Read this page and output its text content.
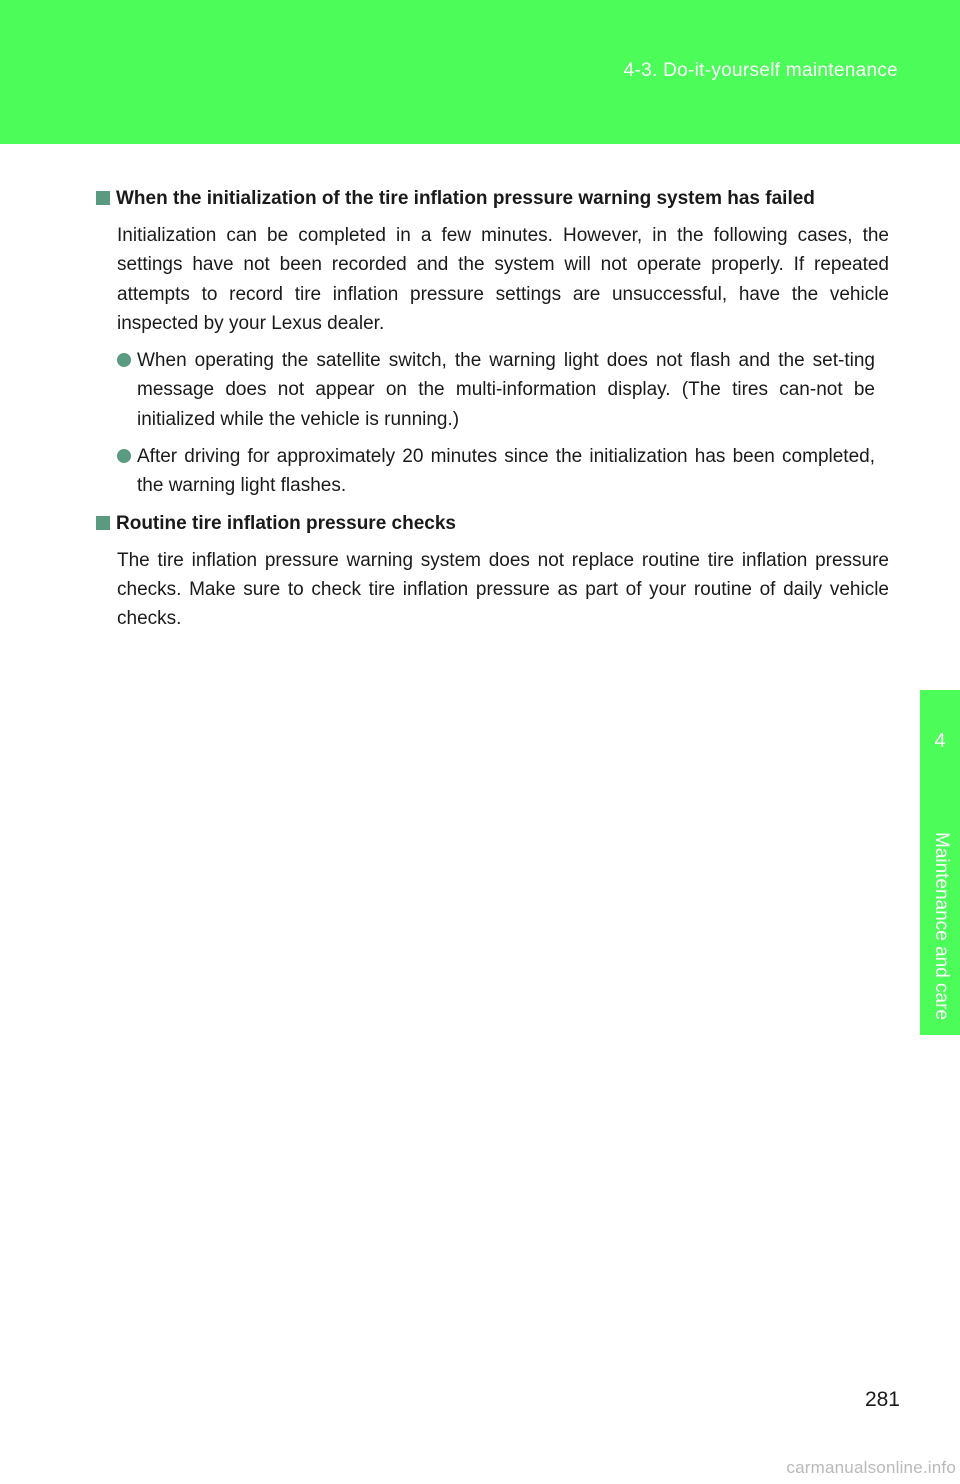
4-3. Do-it-yourself maintenance
4
Maintenance and care
When the initialization of the tire inflation pressure warning system has failed

Initialization can be completed in a few minutes. However, in the following cases, the settings have not been recorded and the system will not operate properly. If repeated attempts to record tire inflation pressure settings are unsuccessful, have the vehicle inspected by your Lexus dealer.

When operating the satellite switch, the warning light does not flash and the set-ting message does not appear on the multi-information display. (The tires can-not be initialized while the vehicle is running.)
After driving for approximately 20 minutes since the initialization has been completed, the warning light flashes.
Routine tire inflation pressure checks

The tire inflation pressure warning system does not replace routine tire inflation pressure checks. Make sure to check tire inflation pressure as part of your routine of daily vehicle checks.

281
carmanualsonline.info
